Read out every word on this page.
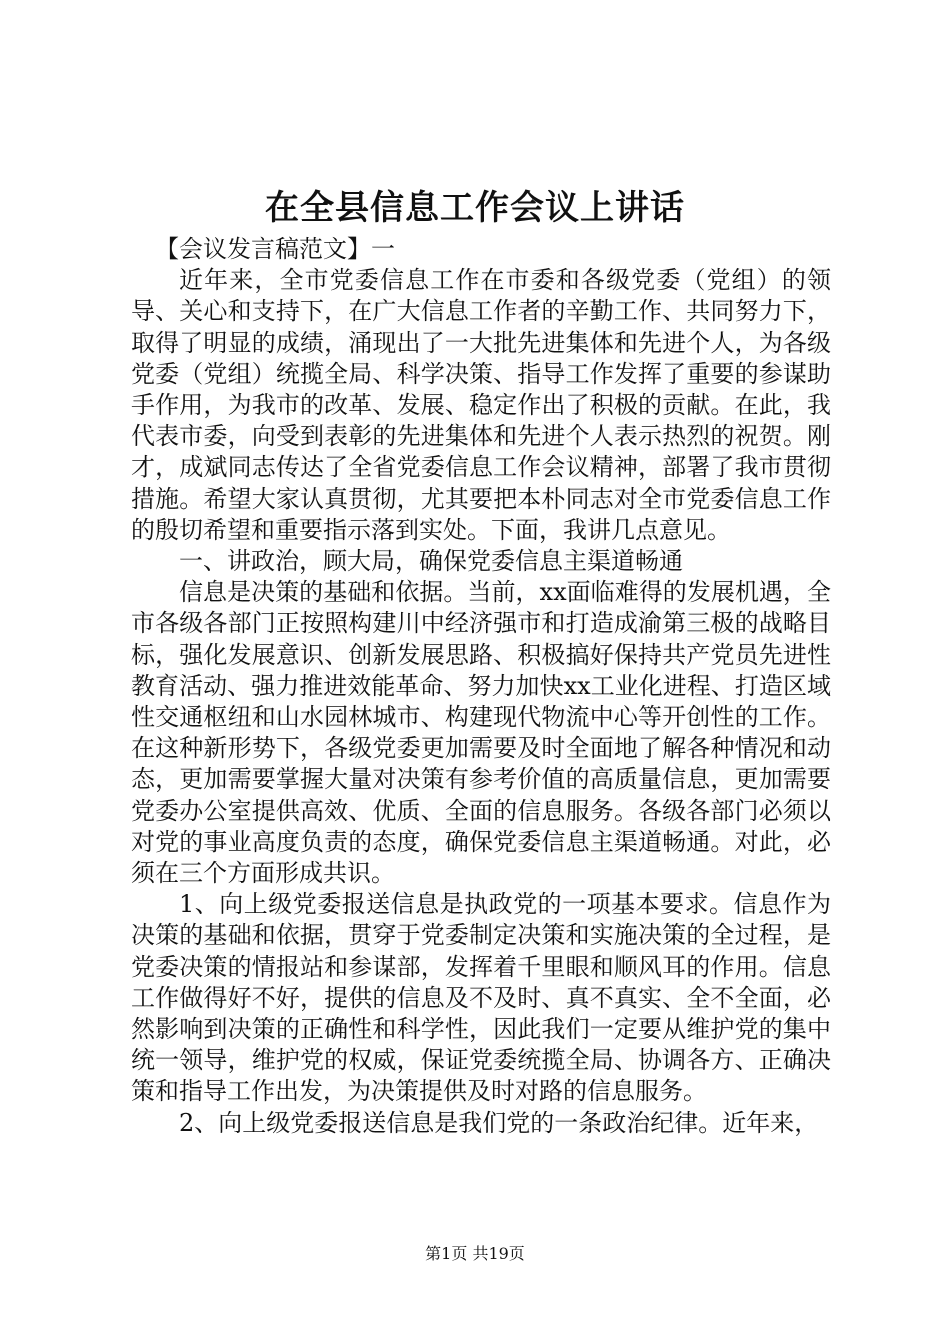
在全县信息工作会议上讲话

【会议发言稿范文】一

近年来，全市党委信息工作在市委和各级党委（党组）的领导、关心和支持下，在广大信息工作者的辛勤工作、共同努力下，取得了明显的成绩，涌现出了一大批先进集体和先进个人，为各级党委（党组）统揽全局、科学决策、指导工作发挥了重要的参谋助手作用，为我市的改革、发展、稳定作出了积极的贡献。在此，我代表市委，向受到表彰的先进集体和先进个人表示热烈的祝贺。刚才，成斌同志传达了全省党委信息工作会议精神，部署了我市贯彻措施。希望大家认真贯彻，尤其要把本朴同志对全市党委信息工作的殷切希望和重要指示落到实处。下面，我讲几点意见。

一、讲政治，顾大局，确保党委信息主渠道畅通

信息是决策的基础和依据。当前，xx面临难得的发展机遇，全市各级各部门正按照构建川中经济强市和打造成渝第三极的战略目标，强化发展意识、创新发展思路、积极搞好保持共产党员先进性教育活动、强力推进效能革命、努力加快xx工业化进程、打造区域性交通枢纽和山水园林城市、构建现代物流中心等开创性的工作。在这种新形势下，各级党委更加需要及时全面地了解各种情况和动态，更加需要掌握大量对决策有参考价值的高质量信息，更加需要党委办公室提供高效、优质、全面的信息服务。各级各部门必须以对党的事业高度负责的态度，确保党委信息主渠道畅通。对此，必须在三个方面形成共识。

1、向上级党委报送信息是执政党的一项基本要求。信息作为决策的基础和依据，贯穿于党委制定决策和实施决策的全过程，是党委决策的情报站和参谋部，发挥着千里眼和顺风耳的作用。信息工作做得好不好，提供的信息及不及时、真不真实、全不全面，必然影响到决策的正确性和科学性，因此我们一定要从维护党的集中统一领导，维护党的权威，保证党委统揽全局、协调各方、正确决策和指导工作出发，为决策提供及时对路的信息服务。

2、向上级党委报送信息是我们党的一条政治纪律。近年来，

第1页 共19页
